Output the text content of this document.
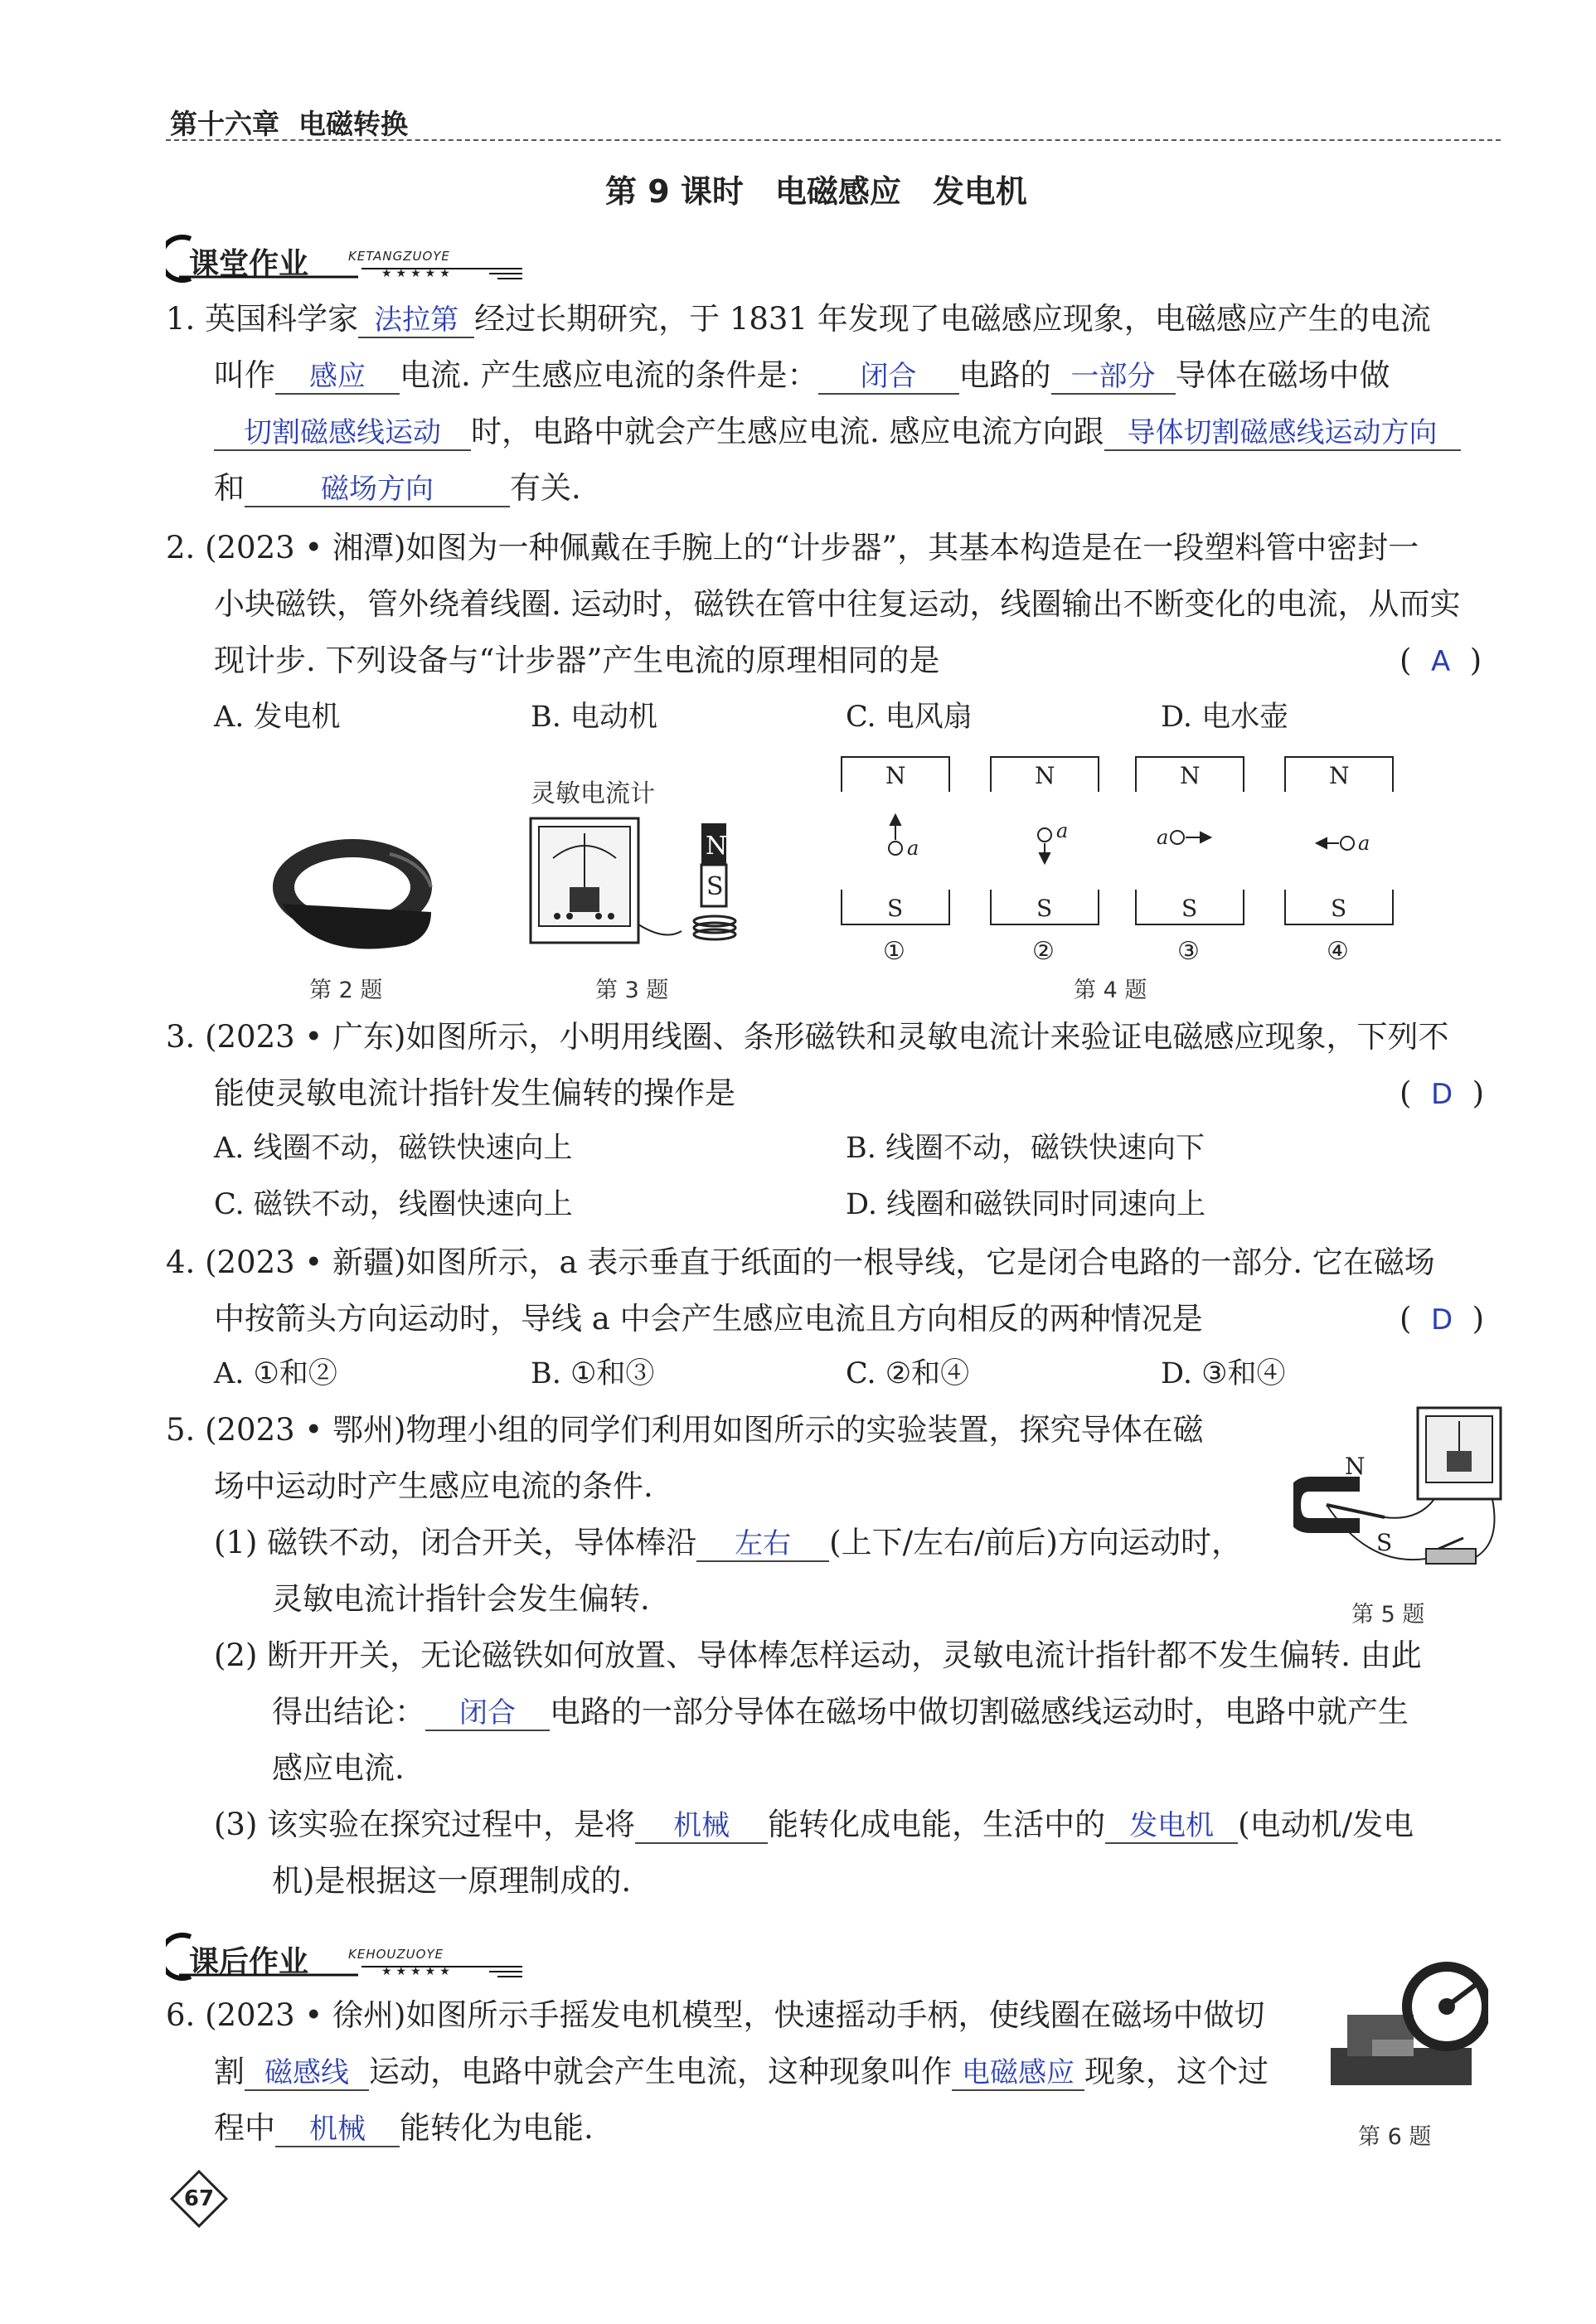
第十六章 电磁转换
第 9 课时　电磁感应　发电机
课堂作业	KETANGZUOYE
★★★★★
1. 英国科学家 法拉第 经过长期研究，于 1831 年发现了电磁感应现象，电磁感应产生的电流
叫作 感应 电流. 产生感应电流的条件是： 闭合 电路的 一部分 导体在磁场中做
切割磁感线运动 时，电路中就会产生感应电流. 感应电流方向跟 导体切割磁感线运动方向
和	磁场方向 有关.
2. (2023 • 湘潭)如图为一种佩戴在手腕上的“计步器”，其基本构造是在一段塑料管中密封一
小块磁铁，管外绕着线圈. 运动时，磁铁在管中往复运动，线圈输出不断变化的电流，从而实
现计步. 下列设备与“计步器”产生电流的原理相同的是	(  A  )
A. 发电机	B. 电动机	C. 电风扇	D. 电水壶
第 2 题
灵敏电流计
N
S
第 3 题
N	N	N	N
S	S	S	S
a
a	a	a
①	②	③	④
第 4 题
3. (2023 • 广东)如图所示，小明用线圈、条形磁铁和灵敏电流计来验证电磁感应现象，下列不
能使灵敏电流计指针发生偏转的操作是	(  D  )
A. 线圈不动，磁铁快速向上	B. 线圈不动，磁铁快速向下
C. 磁铁不动，线圈快速向上	D. 线圈和磁铁同时同速向上
4. (2023 • 新疆)如图所示，a 表示垂直于纸面的一根导线，它是闭合电路的一部分. 它在磁场
中按箭头方向运动时，导线 a 中会产生感应电流且方向相反的两种情况是	(  D  )
A. ①和②	B. ①和③	C. ②和④	D. ③和④
5. (2023 • 鄂州)物理小组的同学们利用如图所示的实验装置，探究导体在磁
场中运动时产生感应电流的条件.
(1) 磁铁不动，闭合开关，导体棒沿 左右 (上下/左右/前后)方向运动时，
灵敏电流计指针会发生偏转.
(2) 断开开关，无论磁铁如何放置、导体棒怎样运动，灵敏电流计指针都不发生偏转. 由此
得出结论： 闭合 电路的一部分导体在磁场中做切割磁感线运动时，电路中就产生
感应电流.
(3) 该实验在探究过程中，是将 机械 能转化成电能，生活中的 发电机 (电动机/发电
机)是根据这一原理制成的.
N
S
第 5 题
课后作业	KEHOUZUOYE
★★★★★
6. (2023 • 徐州)如图所示手摇发电机模型，快速摇动手柄，使线圈在磁场中做切
割 磁感线 运动，电路中就会产生电流，这种现象叫作 电磁感应 现象，这个过
程中 机械 能转化为电能.	第 6 题
67
